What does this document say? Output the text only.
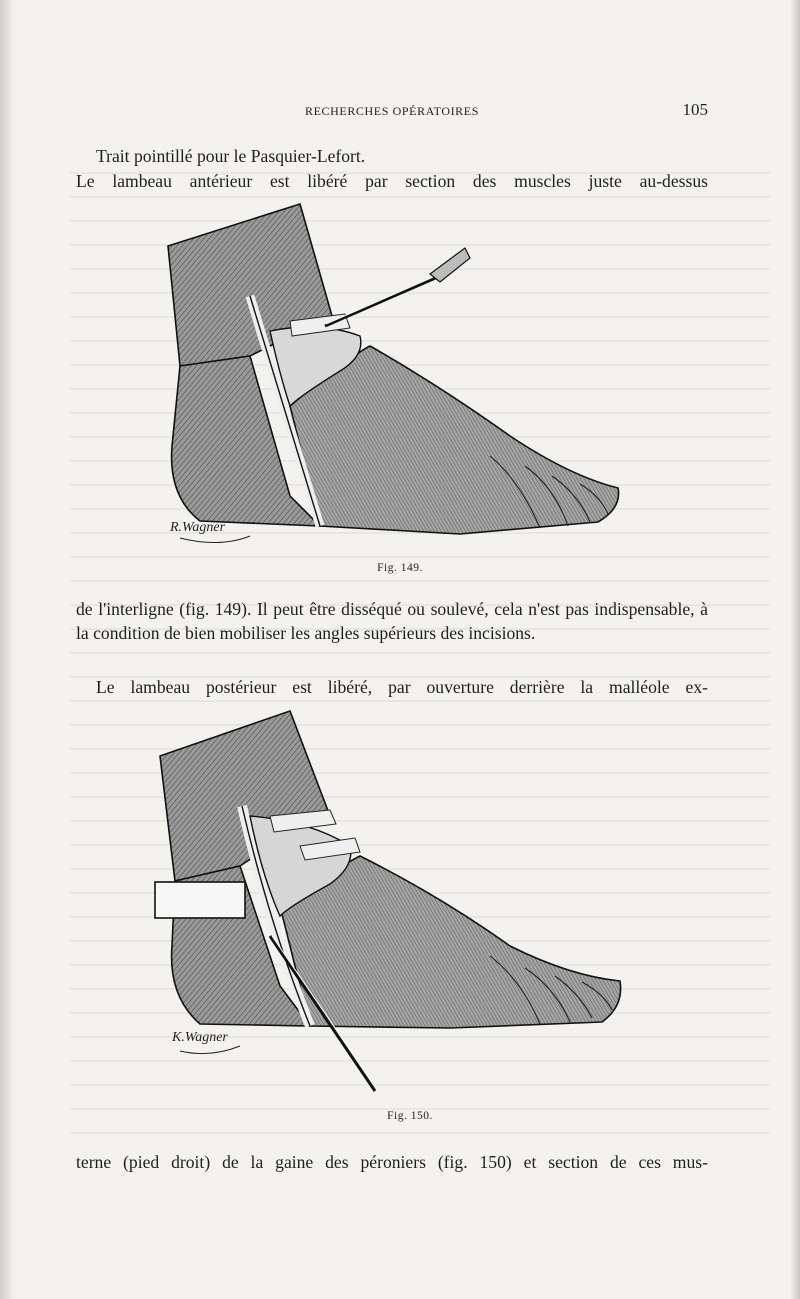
RECHERCHES OPÉRATOIRES	105

Trait pointillé pour le Pasquier-Lefort.

Le lambeau antérieur est libéré par section des muscles juste au-dessus

R.Wagner
Fig. 149.

de l'interligne (fig. 149). Il peut être disséqué ou soulevé, cela n'est pas indispensable, à la condition de bien mobiliser les angles supérieurs des incisions.

Le lambeau postérieur est libéré, par ouverture derrière la malléole ex-

K.Wagner
Fig. 150.

terne (pied droit) de la gaine des péroniers (fig. 150) et section de ces mus-
